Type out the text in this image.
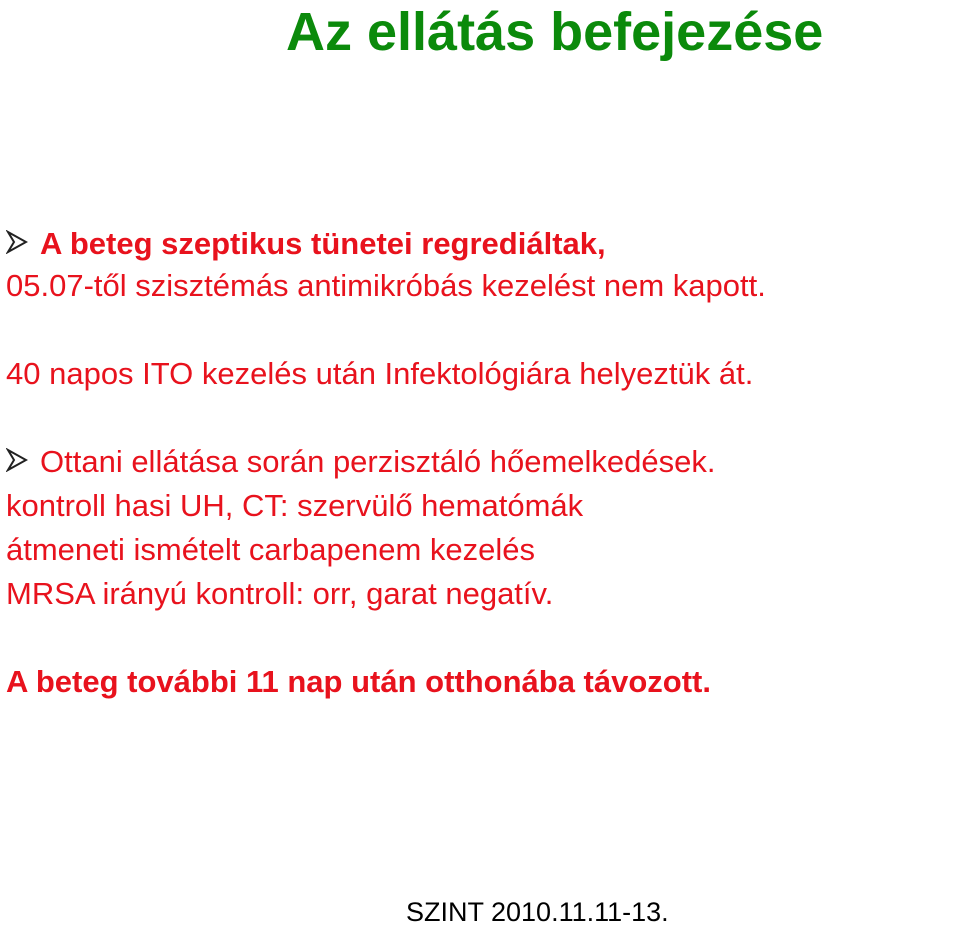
Az ellátás befejezése

A beteg szeptikus tünetei regrediáltak,

05.07-től szisztémás antimikróbás kezelést nem kapott.

40 napos ITO kezelés után Infektológiára helyeztük át.

Ottani ellátása során perzisztáló hőemelkedések.

kontroll hasi UH, CT: szervülő hematómák

átmeneti ismételt carbapenem kezelés

MRSA irányú kontroll: orr, garat negatív.

A beteg további 11 nap után otthonába távozott.

SZINT 2010.11.11-13.
